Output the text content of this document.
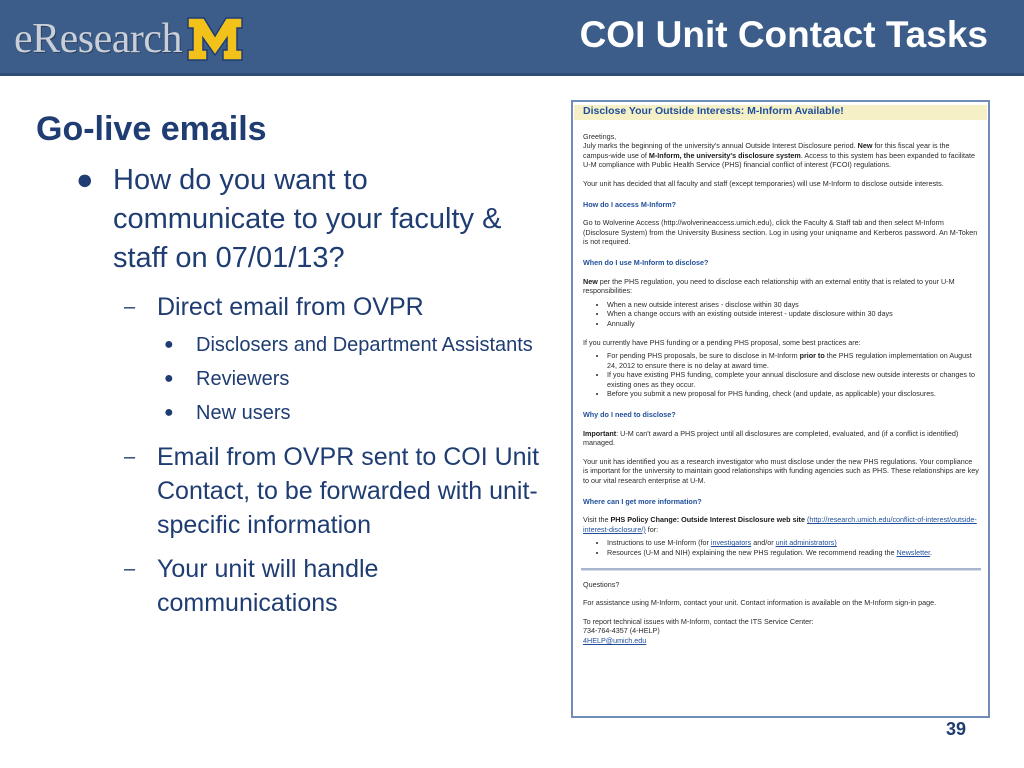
eResearch	COI Unit Contact Tasks
Go-live emails
● How do you want to communicate to your faculty & staff on 07/01/13?
– Direct email from OVPR
● Disclosers and Department Assistants
● Reviewers
● New users
– Email from OVPR sent to COI Unit Contact, to be forwarded with unit-specific information
– Your unit will handle communications
Disclose Your Outside Interests: M-Inform Available!

Greetings,
July marks the beginning of the university's annual Outside Interest Disclosure period. New for this fiscal year is the campus-wide use of M-Inform, the university's disclosure system. Access to this system has been expanded to facilitate U-M compliance with Public Health Service (PHS) financial conflict of interest (FCOI) regulations.

Your unit has decided that all faculty and staff (except temporaries) will use M-Inform to disclose outside interests.

How do I access M-Inform?

Go to Wolverine Access (http://wolverineaccess.umich.edu), click the Faculty & Staff tab and then select M-Inform (Disclosure System) from the University Business section. Log in using your uniqname and Kerberos password. An M-Token is not required.

When do I use M-Inform to disclose?

New per the PHS regulation, you need to disclose each relationship with an external entity that is related to your U-M responsibilities:

• When a new outside interest arises - disclose within 30 days
• When a change occurs with an existing outside interest - update disclosure within 30 days
• Annually

If you currently have PHS funding or a pending PHS proposal, some best practices are:

• For pending PHS proposals, be sure to disclose in M-Inform prior to the PHS regulation implementation on August 24, 2012 to ensure there is no delay at award time.
• If you have existing PHS funding, complete your annual disclosure and disclose new outside interests or changes to existing ones as they occur.
• Before you submit a new proposal for PHS funding, check (and update, as applicable) your disclosures.
Why do I need to disclose?

Important: U-M can't award a PHS project until all disclosures are completed, evaluated, and (if a conflict is identified) managed.

Your unit has identified you as a research investigator who must disclose under the new PHS regulations. Your compliance is important for the university to maintain good relationships with funding agencies such as PHS. These relationships are key to our vital research enterprise at U-M.

Where can I get more information?

Visit the PHS Policy Change: Outside Interest Disclosure web site (http://research.umich.edu/conflict-of-interest/outside-interest-disclosure/) for:

• Instructions to use M-Inform (for investigators and/or unit administrators)
• Resources (U-M and NIH) explaining the new PHS regulation. We recommend reading the Newsletter.

Questions?

For assistance using M-Inform, contact your unit. Contact information is available on the M-Inform sign-in page.

To report technical issues with M-Inform, contact the ITS Service Center:
734-764-4357 (4-HELP)
4HELP@umich.edu

39
